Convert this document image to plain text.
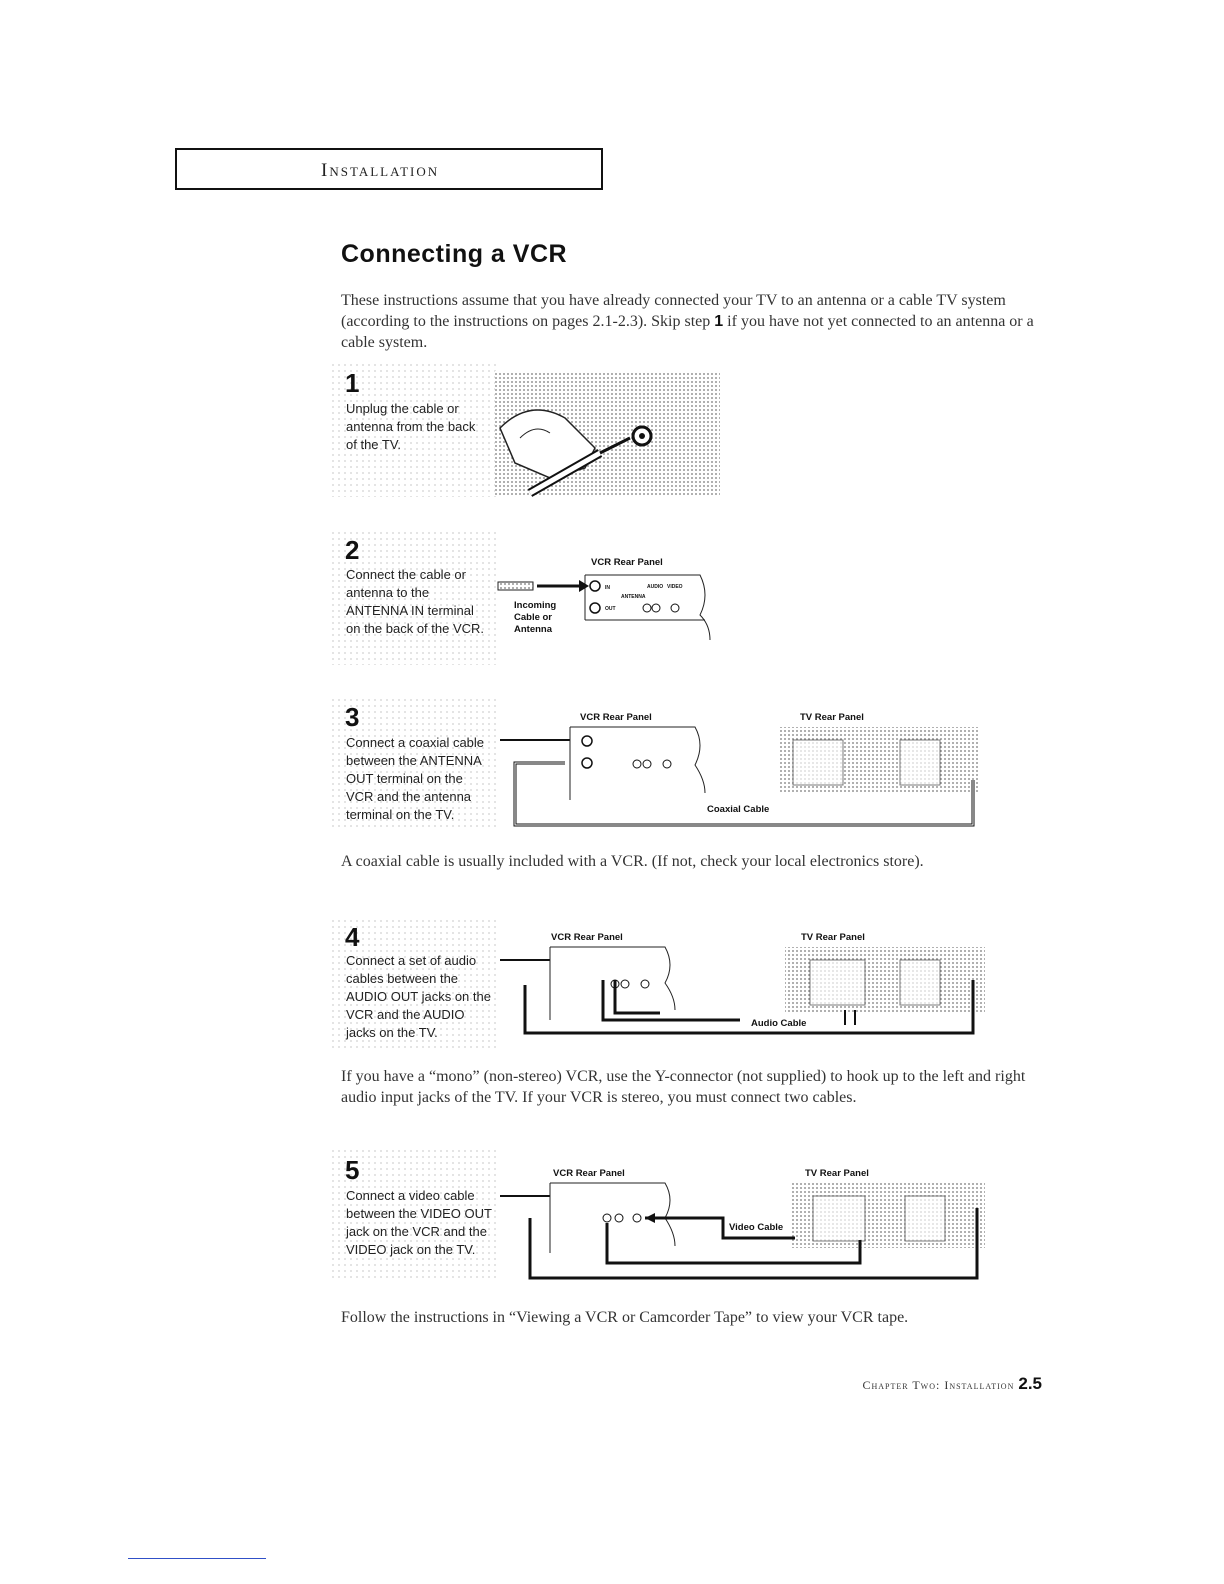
Installation
Connecting a VCR
These instructions assume that you have already connected your TV to an antenna or a cable TV system (according to the instructions on pages 2.1-2.3). Skip step 1 if you have not yet connected to an antenna or a cable system.
1
Unplug the cable or
antenna from the back
of the TV.
2
Connect the cable or
antenna to the
ANTENNA IN terminal
on the back of the VCR.
VCR Rear Panel
IN
OUT
ANTENNA
AUDIO VIDEO
Incoming
Cable or
Antenna
3
Connect a coaxial cable
between the ANTENNA
OUT terminal on the
VCR and the antenna
terminal on the TV.
VCR Rear Panel	TV Rear Panel
Coaxial Cable
A coaxial cable is usually included with a VCR. (If not, check your local electronics store).
4
Connect a set of audio
cables between the
AUDIO OUT jacks on the
VCR and the AUDIO
jacks on the TV.
VCR Rear Panel	TV Rear Panel
Audio Cable
If you have a “mono” (non-stereo) VCR, use the Y-connector (not supplied) to hook up to the left and right audio input jacks of the TV. If your VCR is stereo, you must connect two cables.
5
Connect a video cable
between the VIDEO OUT
jack on the VCR and the
VIDEO jack on the TV.
VCR Rear Panel	TV Rear Panel
Video Cable
Follow the instructions in “Viewing a VCR or Camcorder Tape” to view your VCR tape.
Chapter Two: Installation 2.5
